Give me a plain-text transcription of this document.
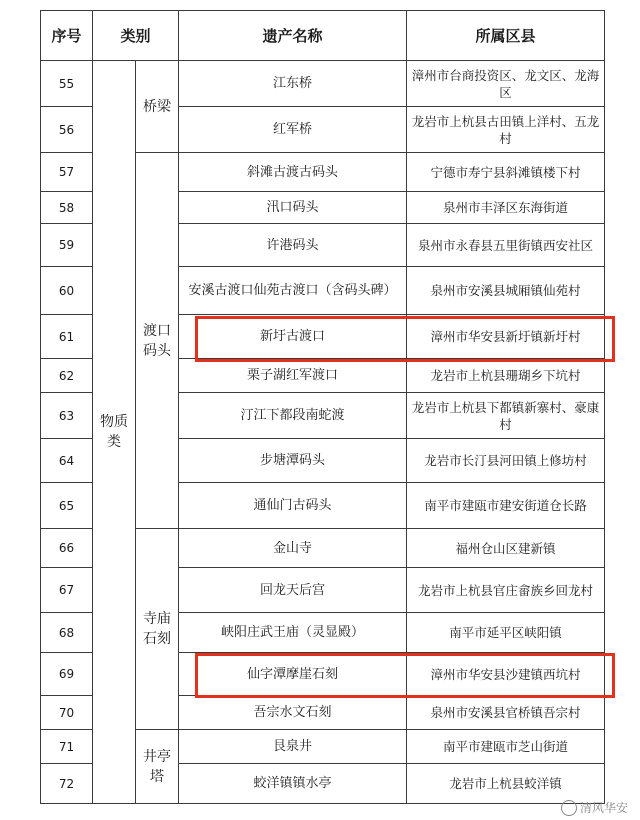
序号	类别		遗产名称	所属区县
55	物质类	桥梁	江东桥	漳州市台商投资区、龙文区、龙海区
56			红军桥	龙岩市上杭县古田镇上洋村、五龙村
57		渡口码头	斜滩古渡古码头	宁德市寿宁县斜滩镇楼下村
58			汛口码头	泉州市丰泽区东海街道
59			许港码头	泉州市永春县五里街镇西安社区
60			安溪古渡口仙苑古渡口（含码头碑）	泉州市安溪县城厢镇仙苑村
61			新圩古渡口	漳州市华安县新圩镇新圩村
62			栗子湖红军渡口	龙岩市上杭县珊瑚乡下坑村
63			汀江下都段南蛇渡	龙岩市上杭县下都镇新寨村、豪康村
64			步塘潭码头	龙岩市长汀县河田镇上修坊村
65			通仙门古码头	南平市建瓯市建安街道仓长路
66		寺庙石刻	金山寺	福州仓山区建新镇
67			回龙天后宫	龙岩市上杭县官庄畲族乡回龙村
68			峡阳庄武王庙（灵显殿）	南平市延平区峡阳镇
69			仙字潭摩崖石刻	漳州市华安县沙建镇西坑村
70			吾宗水文石刻	泉州市安溪县官桥镇吾宗村
71		井亭塔	艮泉井	南平市建瓯市芝山街道
72			蛟洋镇镇水亭	龙岩市上杭县蛟洋镇
清风华安
